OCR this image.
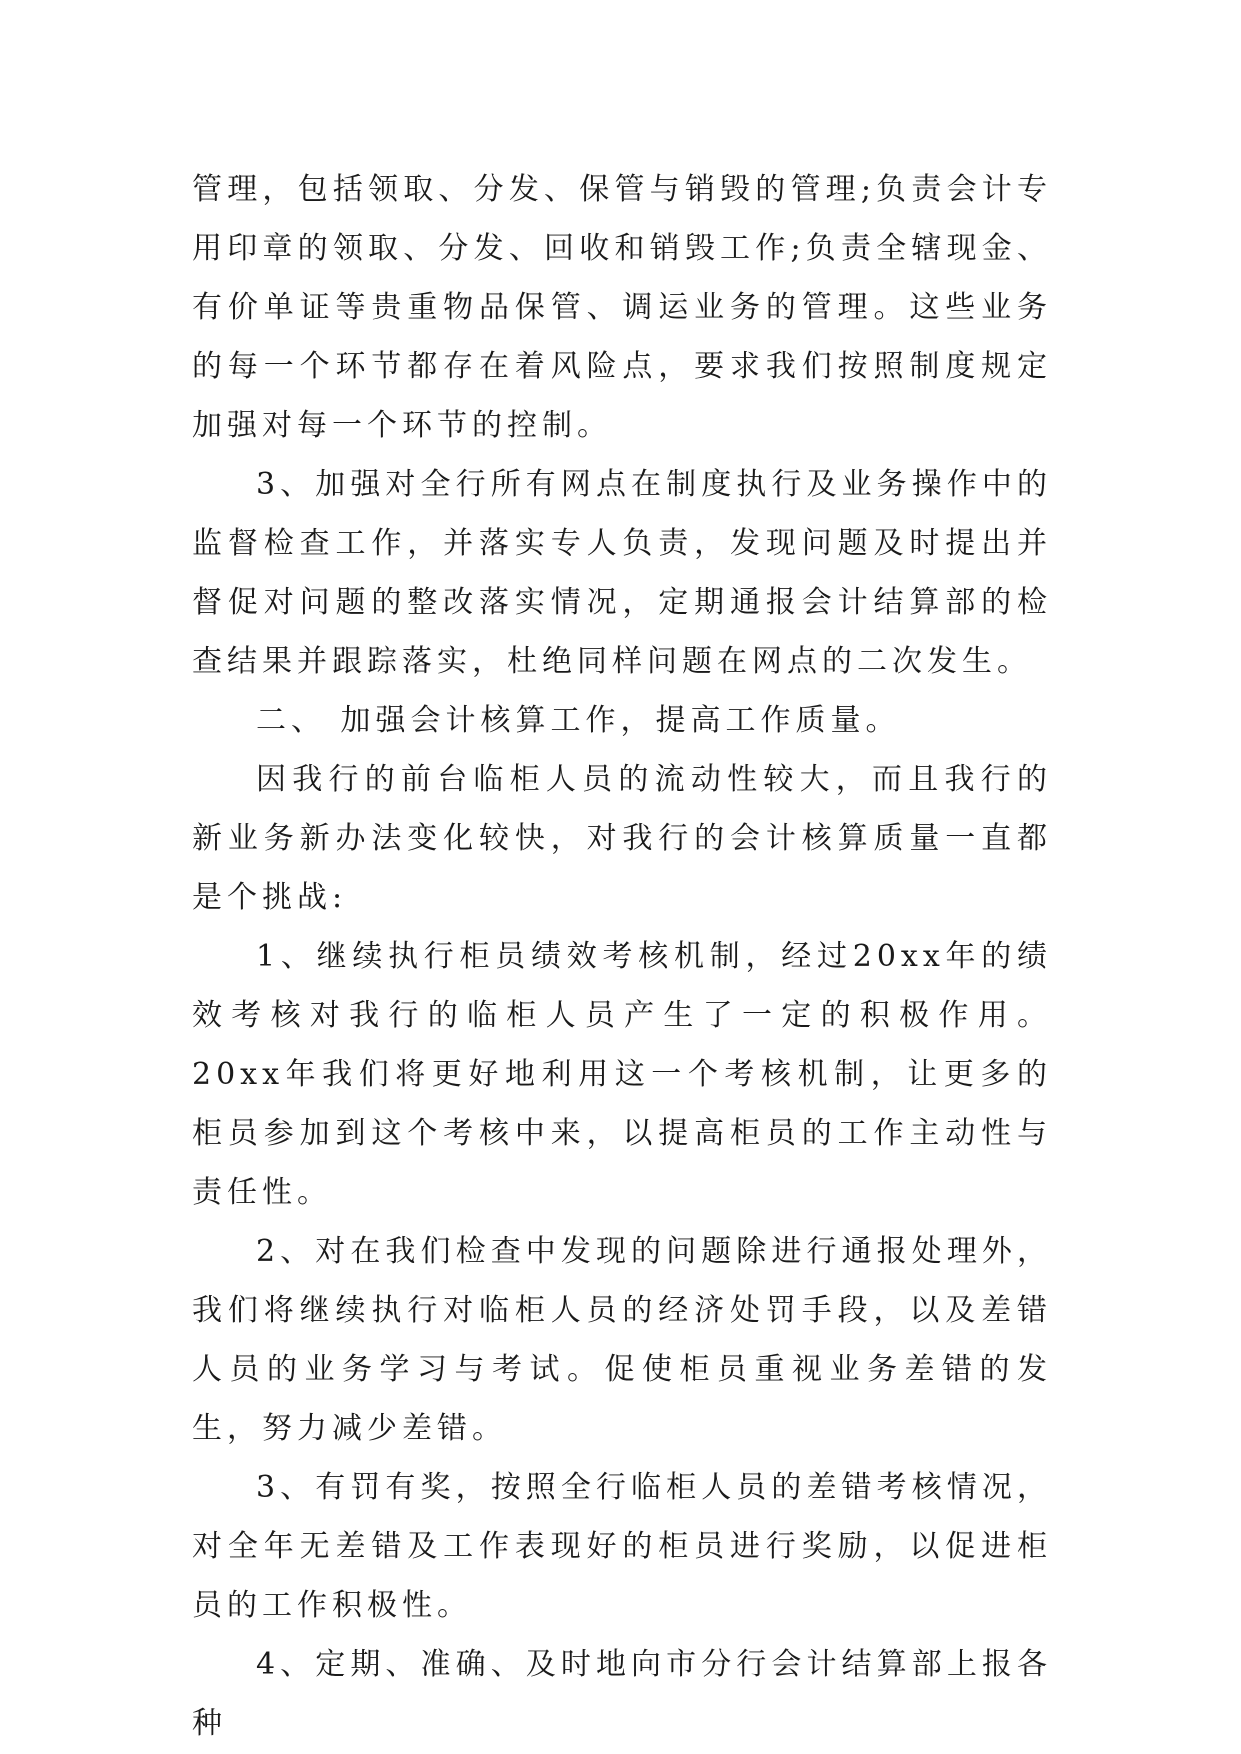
管理，包括领取、分发、保管与销毁的管理;负责会计专用印章的领取、分发、回收和销毁工作;负责全辖现金、有价单证等贵重物品保管、调运业务的管理。这些业务的每一个环节都存在着风险点，要求我们按照制度规定加强对每一个环节的控制。

3、加强对全行所有网点在制度执行及业务操作中的监督检查工作，并落实专人负责，发现问题及时提出并督促对问题的整改落实情况，定期通报会计结算部的检查结果并跟踪落实，杜绝同样问题在网点的二次发生。

二、 加强会计核算工作，提高工作质量。

因我行的前台临柜人员的流动性较大，而且我行的新业务新办法变化较快，对我行的会计核算质量一直都是个挑战:

1、继续执行柜员绩效考核机制，经过20xx年的绩效考核对我行的临柜人员产生了一定的积极作用。20xx年我们将更好地利用这一个考核机制，让更多的柜员参加到这个考核中来，以提高柜员的工作主动性与责任性。

2、对在我们检查中发现的问题除进行通报处理外，我们将继续执行对临柜人员的经济处罚手段，以及差错人员的业务学习与考试。促使柜员重视业务差错的发生，努力减少差错。

3、有罚有奖，按照全行临柜人员的差错考核情况，对全年无差错及工作表现好的柜员进行奖励，以促进柜员的工作积极性。

4、定期、准确、及时地向市分行会计结算部上报各种
